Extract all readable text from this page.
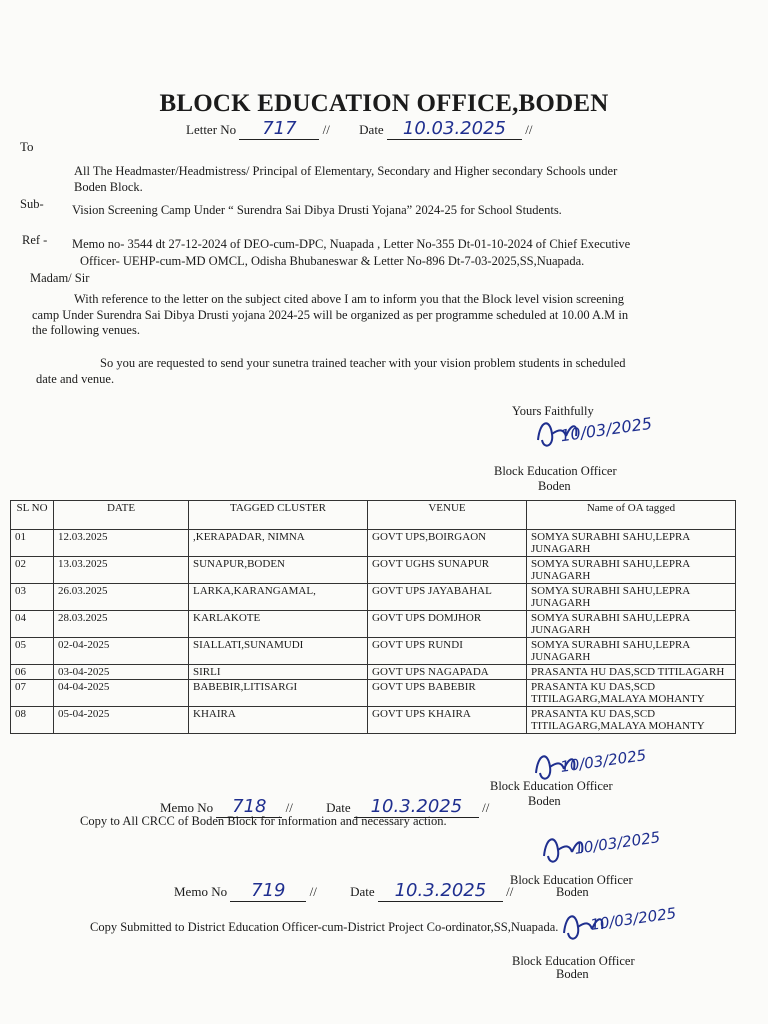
BLOCK EDUCATION OFFICE,BODEN
Letter No 717 // Date 10.03.2025 //
To
All The Headmaster/Headmistress/ Principal of Elementary, Secondary and Higher secondary Schools under
Boden Block.
Sub- Vision Screening Camp Under “ Surendra Sai Dibya Drusti Yojana” 2024-25 for School Students.
Ref - Memo no- 3544 dt 27-12-2024 of DEO-cum-DPC, Nuapada , Letter No-355 Dt-01-10-2024 of Chief Executive
Officer- UEHP-cum-MD OMCL, Odisha Bhubaneswar & Letter No-896 Dt-7-03-2025,SS,Nuapada.
Madam/ Sir
With reference to the letter on the subject cited above I am to inform you that the Block level vision screening
camp Under Surendra Sai Dibya Drusti yojana 2024-25 will be organized as per programme scheduled at 10.00 A.M in
the following venues.
So you are requested to send your sunetra trained teacher with your vision problem students in scheduled
date and venue.
Yours Faithfully
10/03/2025
Block Education Officer
Boden
SL NO	DATE	TAGGED CLUSTER	VENUE	Name of OA tagged
01	12.03.2025	,KERAPADAR, NIMNA	GOVT UPS,BOIRGAON	SOMYA SURABHI SAHU,LEPRA JUNAGARH
02	13.03.2025	SUNAPUR,BODEN	GOVT UGHS SUNAPUR	SOMYA SURABHI SAHU,LEPRA JUNAGARH
03	26.03.2025	LARKA,KARANGAMAL,	GOVT UPS JAYABAHAL	SOMYA SURABHI SAHU,LEPRA JUNAGARH
04	28.03.2025	KARLAKOTE	GOVT UPS DOMJHOR	SOMYA SURABHI SAHU,LEPRA JUNAGARH
05	02-04-2025	SIALLATI,SUNAMUDI	GOVT UPS RUNDI	SOMYA SURABHI SAHU,LEPRA JUNAGARH
06	03-04-2025	SIRLI	GOVT UPS NAGAPADA	PRASANTA HU DAS,SCD TITILAGARH
07	04-04-2025	BABEBIR,LITISARGI	GOVT UPS BABEBIR	PRASANTA KU DAS,SCD TITILAGARG,MALAYA MOHANTY
08	05-04-2025	KHAIRA	GOVT UPS KHAIRA	PRASANTA KU DAS,SCD TITILAGARG,MALAYA MOHANTY
10/03/2025
Block Education Officer
Boden
Memo No 718 //	Date 10.3.2025 //
Copy to All CRCC of Boden Block for information and necessary action.
10/03/2025
Block Education Officer
Boden
Memo No 719 //	Date 10.3.2025 //
Copy Submitted to District Education Officer-cum-District Project Co-ordinator,SS,Nuapada. 10/03/2025
Block Education Officer
Boden
